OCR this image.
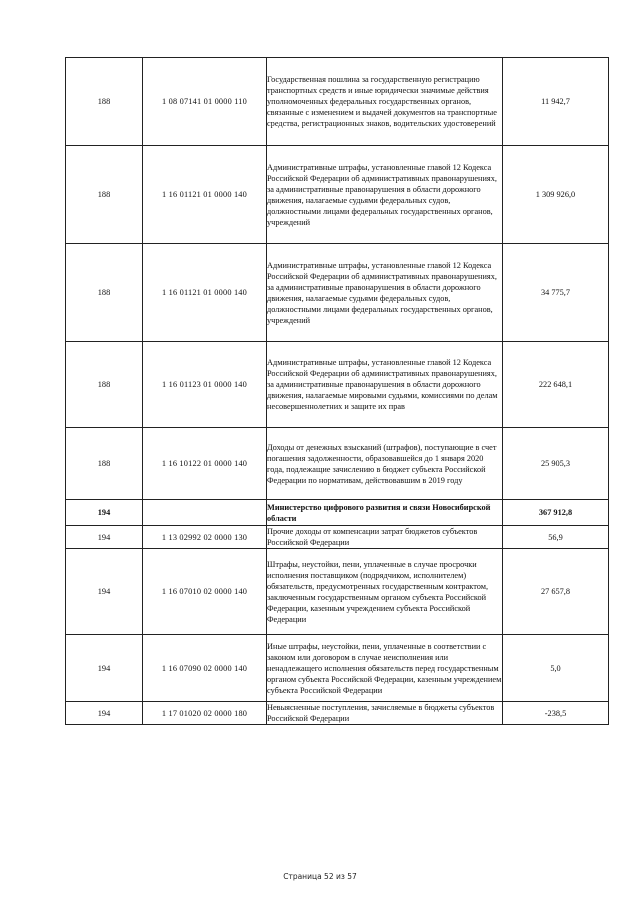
188	1 08 07141 01 0000 110	Государственная пошлина за государственную регистрацию транспортных средств и иные юридически значимые действия уполномоченных федеральных государственных органов, связанные с изменением и выдачей документов на транспортные средства, регистрационных знаков, водительских удостоверений	11 942,7
188	1 16 01121 01 0000 140	Административные штрафы, установленные главой 12 Кодекса Российской Федерации об административных правонарушениях, за административные правонарушения в области дорожного движения, налагаемые судьями федеральных судов, должностными лицами федеральных государственных органов, учреждений	1 309 926,0
188	1 16 01121 01 0000 140	Административные штрафы, установленные главой 12 Кодекса Российской Федерации об административных правонарушениях, за административные правонарушения в области дорожного движения, налагаемые судьями федеральных судов, должностными лицами федеральных государственных органов, учреждений	34 775,7
188	1 16 01123 01 0000 140	Административные штрафы, установленные главой 12 Кодекса Российской Федерации об административных правонарушениях, за административные правонарушения в области дорожного движения, налагаемые мировыми судьями, комиссиями по делам несовершеннолетних и защите их прав	222 648,1
188	1 16 10122 01 0000 140	Доходы от денежных взысканий (штрафов), поступающие в счет погашения задолженности, образовавшейся до 1 января 2020 года, подлежащие зачислению в бюджет субъекта Российской Федерации по нормативам, действовавшим в 2019 году	25 905,3
194		Министерство цифрового развития и связи Новосибирской области	367 912,8
194	1 13 02992 02 0000 130	Прочие доходы от компенсации затрат бюджетов субъектов Российской Федерации	56,9
194	1 16 07010 02 0000 140	Штрафы, неустойки, пени, уплаченные в случае просрочки исполнения поставщиком (подрядчиком, исполнителем) обязательств, предусмотренных государственным контрактом, заключенным государственным органом субъекта Российской Федерации, казенным учреждением субъекта Российской Федерации	27 657,8
194	1 16 07090 02 0000 140	Иные штрафы, неустойки, пени, уплаченные в соответствии с законом или договором в случае неисполнения или ненадлежащего исполнения обязательств перед государственным органом субъекта Российской Федерации, казенным учреждением субъекта Российской Федерации	5,0
194	1 17 01020 02 0000 180	Невыясненные поступления, зачисляемые в бюджеты субъектов Российской Федерации	-238,5
Страница 52 из 57
